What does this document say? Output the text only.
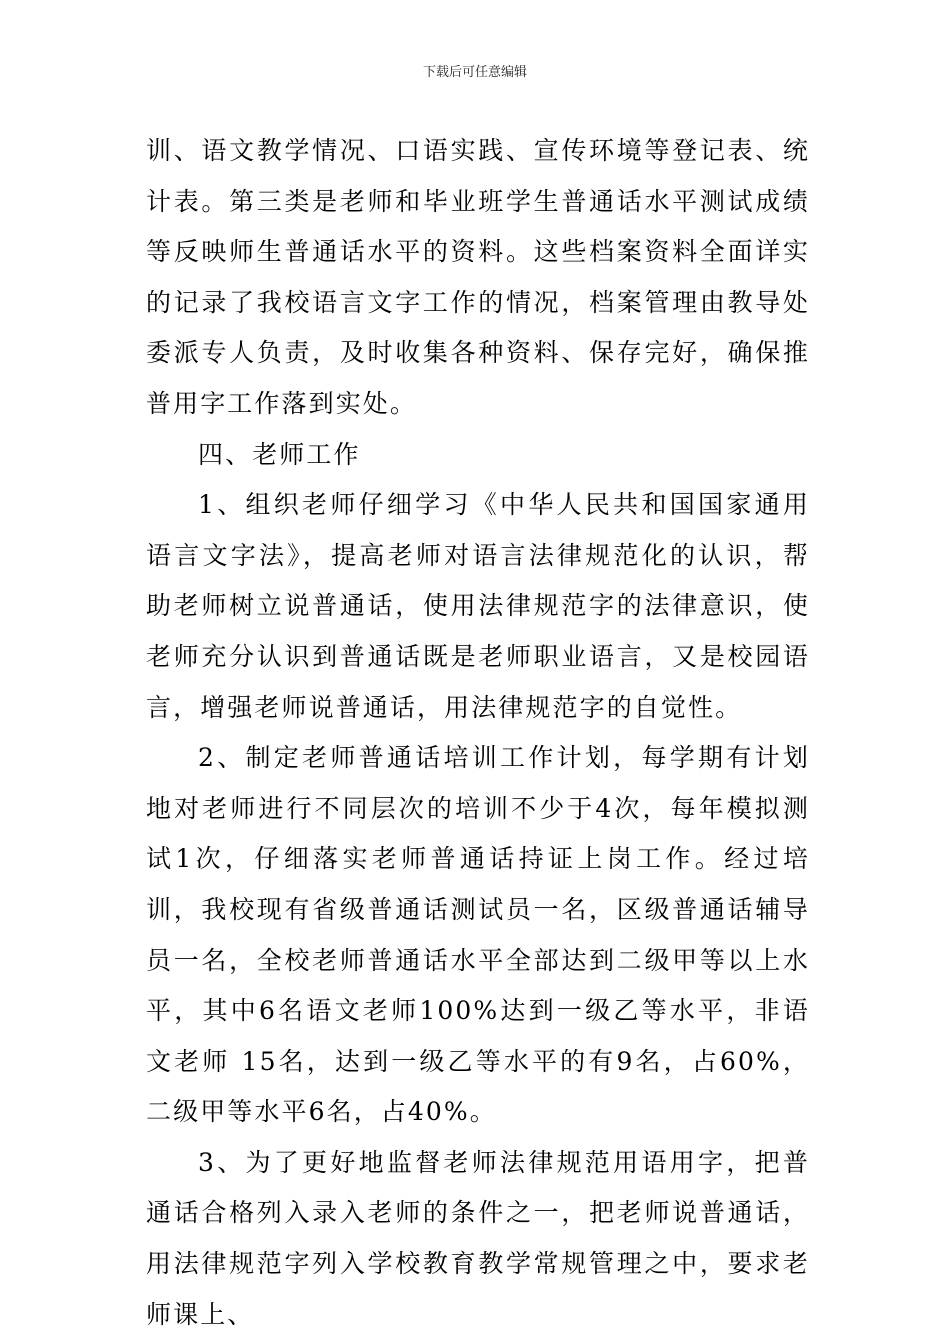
下载后可任意编辑

训、语文教学情况、口语实践、宣传环境等登记表、统计表。第三类是老师和毕业班学生普通话水平测试成绩等反映师生普通话水平的资料。这些档案资料全面详实的记录了我校语言文字工作的情况，档案管理由教导处委派专人负责，及时收集各种资料、保存完好，确保推普用字工作落到实处。

四、老师工作

1、组织老师仔细学习《中华人民共和国国家通用语言文字法》，提高老师对语言法律规范化的认识，帮助老师树立说普通话，使用法律规范字的法律意识，使老师充分认识到普通话既是老师职业语言，又是校园语言，增强老师说普通话，用法律规范字的自觉性。

2、制定老师普通话培训工作计划，每学期有计划地对老师进行不同层次的培训不少于4次，每年模拟测试1次，仔细落实老师普通话持证上岗工作。经过培训，我校现有省级普通话测试员一名，区级普通话辅导员一名，全校老师普通话水平全部达到二级甲等以上水平，其中6名语文老师100%达到一级乙等水平，非语文老师 15名，达到一级乙等水平的有9名，占60%，二级甲等水平6名，占40%。

3、为了更好地监督老师法律规范用语用字，把普通话合格列入录入老师的条件之一，把老师说普通话，用法律规范字列入学校教育教学常规管理之中，要求老师课上、
